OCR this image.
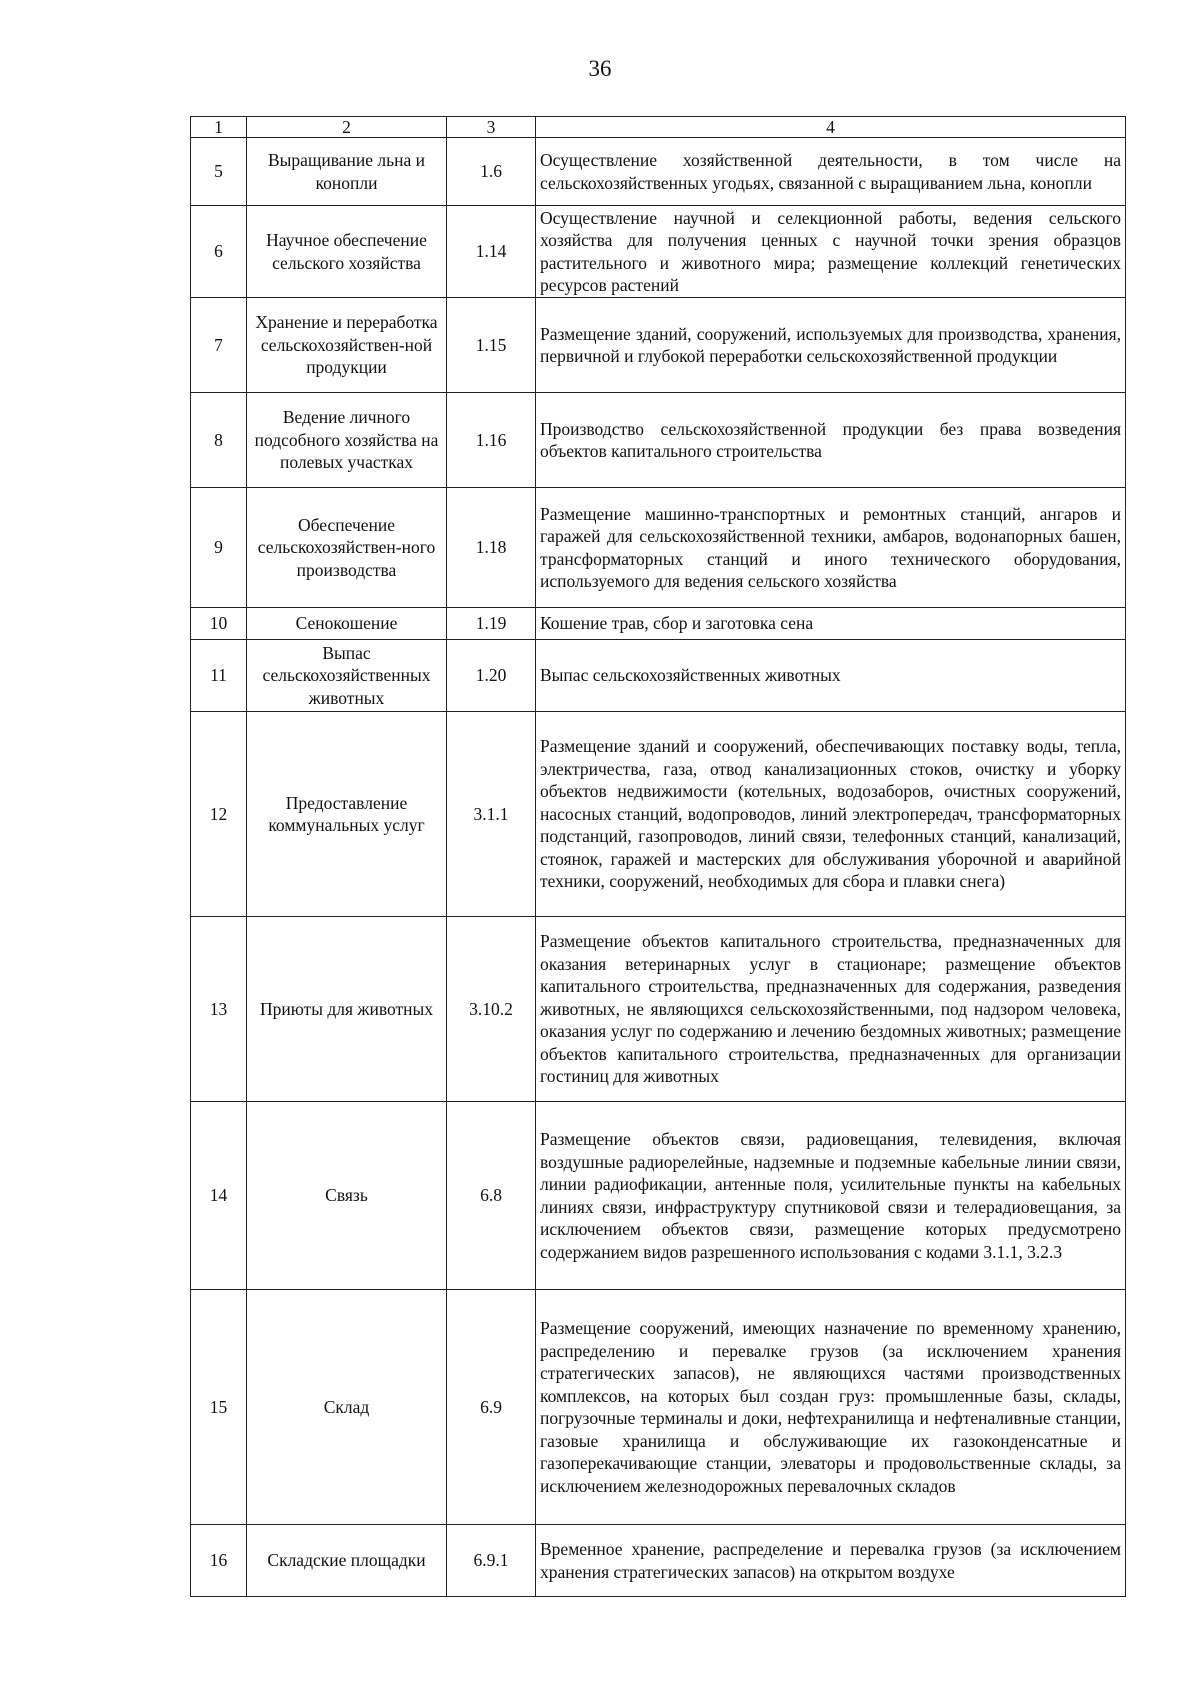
36
1	2	3	4
5	Выращивание льна и конопли	1.6	Осуществление хозяйственной деятельности, в том числе на сельскохозяйственных угодьях, связанной с выращиванием льна, конопли
6	Научное обеспечение сельского хозяйства	1.14	Осуществление научной и селекционной работы, ведения сельского хозяйства для получения ценных с научной точки зрения образцов растительного и животного мира; размещение коллекций генетических ресурсов растений
7	Хранение и переработка сельскохозяйствен-ной продукции	1.15	Размещение зданий, сооружений, используемых для производства, хранения, первичной и глубокой переработки сельскохозяйственной продукции
8	Ведение личного подсобного хозяйства на полевых участках	1.16	Производство сельскохозяйственной продукции без права возведения объектов капитального строительства
9	Обеспечение сельскохозяйствен-ного производства	1.18	Размещение машинно-транспортных и ремонтных станций, ангаров и гаражей для сельскохозяйственной техники, амбаров, водонапорных башен, трансформаторных станций и иного технического оборудования, используемого для ведения сельского хозяйства
10	Сенокошение	1.19	Кошение трав, сбор и заготовка сена
11	Выпас сельскохозяйственных животных	1.20	Выпас сельскохозяйственных животных
12	Предоставление коммунальных услуг	3.1.1	Размещение зданий и сооружений, обеспечивающих поставку воды, тепла, электричества, газа, отвод канализационных стоков, очистку и уборку объектов недвижимости (котельных, водозаборов, очистных сооружений, насосных станций, водопроводов, линий электропередач, трансформаторных подстанций, газопроводов, линий связи, телефонных станций, канализаций, стоянок, гаражей и мастерских для обслуживания уборочной и аварийной техники, сооружений, необходимых для сбора и плавки снега)
13	Приюты для животных	3.10.2	Размещение объектов капитального строительства, предназначенных для оказания ветеринарных услуг в стационаре; размещение объектов капитального строительства, предназначенных для содержания, разведения животных, не являющихся сельскохозяйственными, под надзором человека, оказания услуг по содержанию и лечению бездомных животных; размещение объектов капитального строительства, предназначенных для организации гостиниц для животных
14	Связь	6.8	Размещение объектов связи, радиовещания, телевидения, включая воздушные радиорелейные, надземные и подземные кабельные линии связи, линии радиофикации, антенные поля, усилительные пункты на кабельных линиях связи, инфраструктуру спутниковой связи и телерадиовещания, за исключением объектов связи, размещение которых предусмотрено содержанием видов разрешенного использования с кодами 3.1.1, 3.2.3
15	Склад	6.9	Размещение сооружений, имеющих назначение по временному хранению, распределению и перевалке грузов (за исключением хранения стратегических запасов), не являющихся частями производственных комплексов, на которых был создан груз: промышленные базы, склады, погрузочные терминалы и доки, нефтехранилища и нефтеналивные станции, газовые хранилища и обслуживающие их газоконденсатные и газоперекачивающие станции, элеваторы и продовольственные склады, за исключением железнодорожных перевалочных складов
16	Складские площадки	6.9.1	Временное хранение, распределение и перевалка грузов (за исключением хранения стратегических запасов) на открытом воздухе
